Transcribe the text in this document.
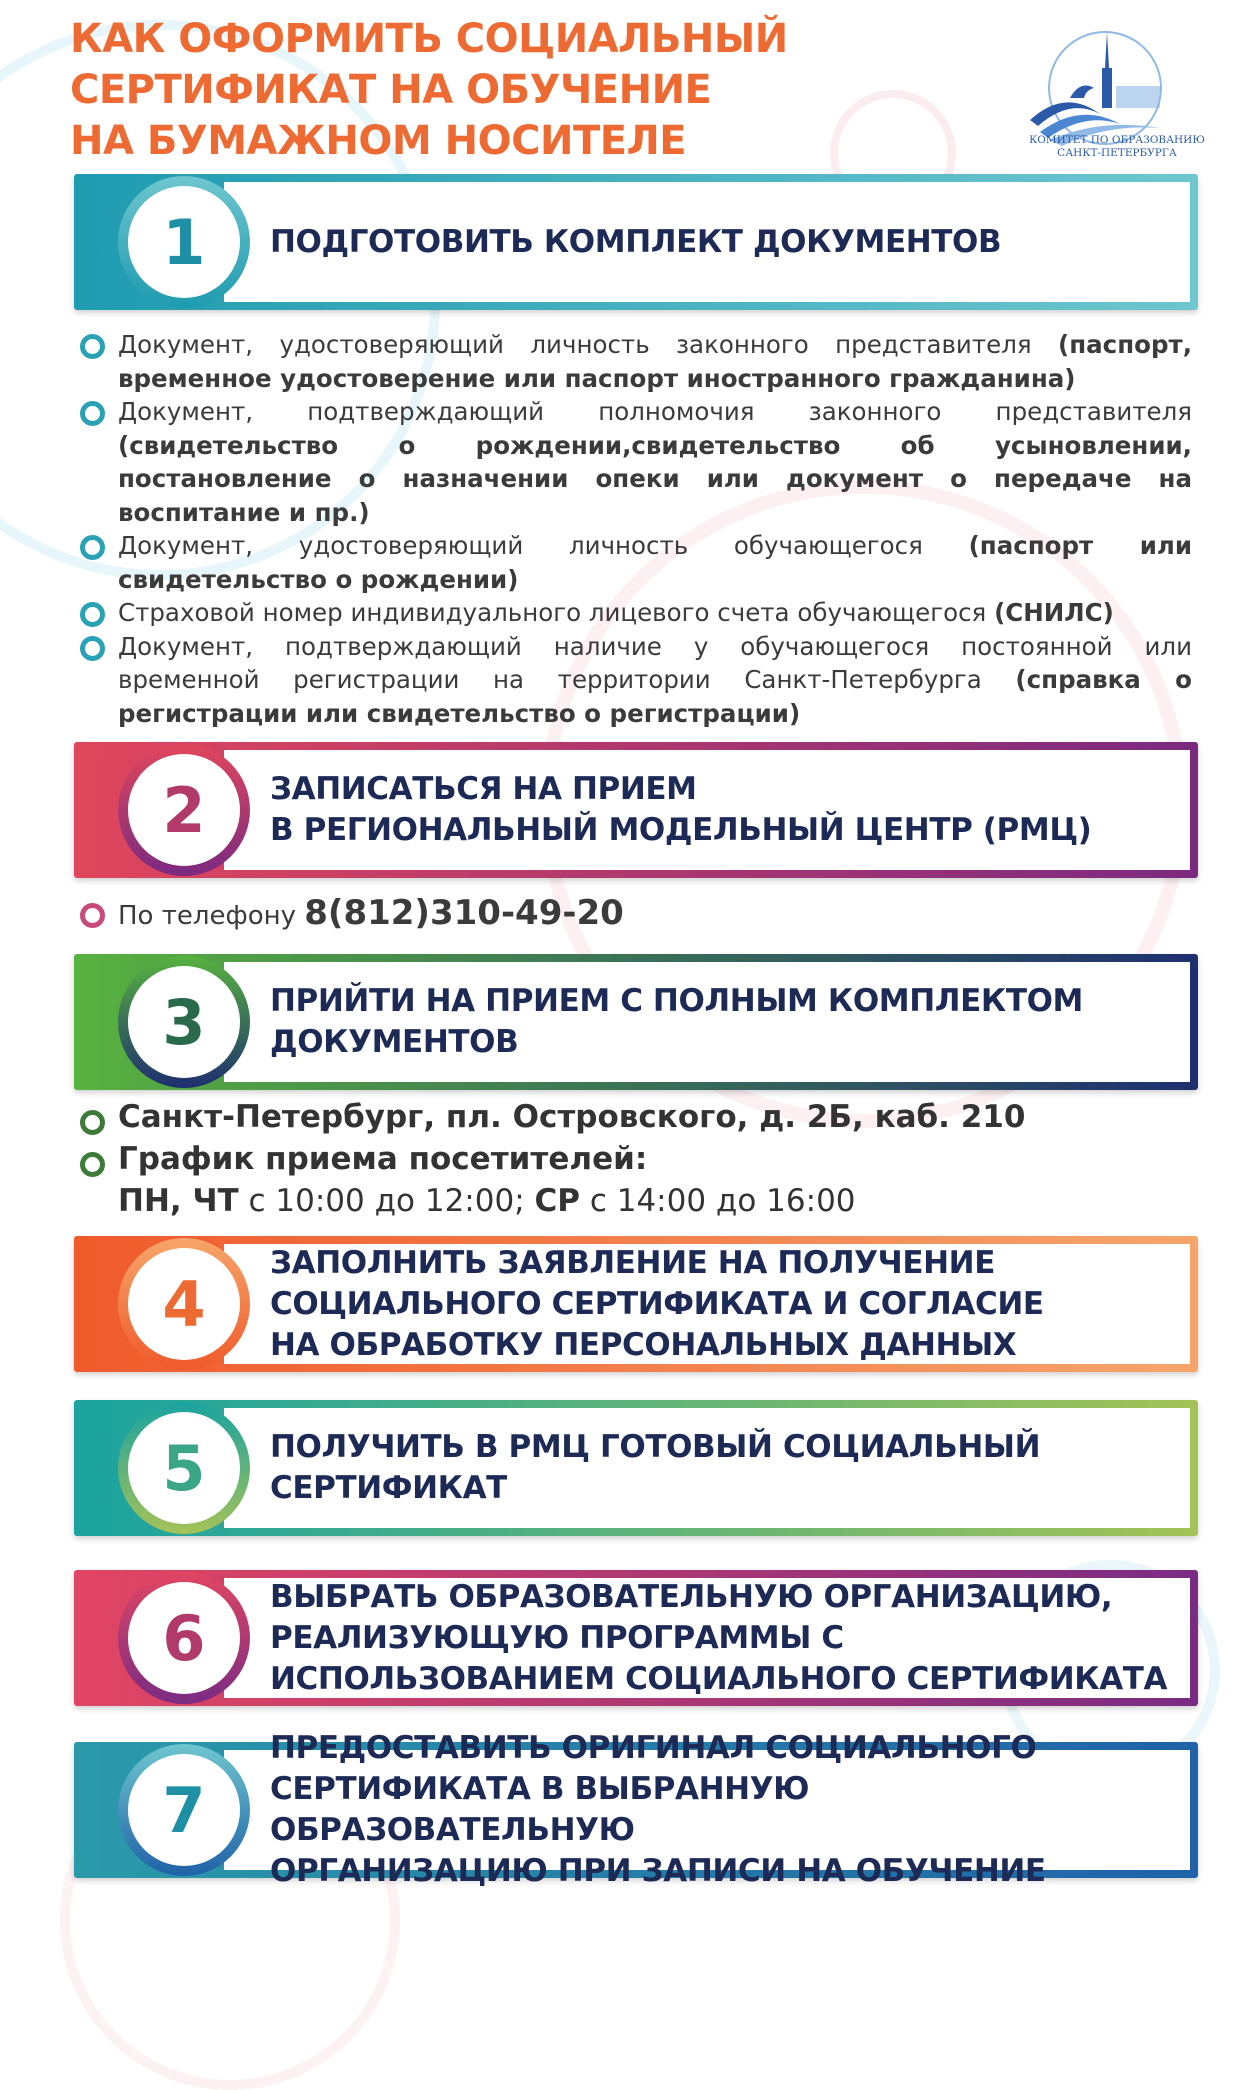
КАК ОФОРМИТЬ СОЦИАЛЬНЫЙ
СЕРТИФИКАТ НА ОБУЧЕНИЕ
НА БУМАЖНОМ НОСИТЕЛЕ	КОМИТЕТ ПО ОБРАЗОВАНИЮ
САНКТ-ПЕТЕРБУРГА
1	ПОДГОТОВИТЬ КОМПЛЕКТ ДОКУМЕНТОВ
Документ, удостоверяющий личность законного представителя (паспорт, временное удостоверение или паспорт иностранного гражданина)
Документ, подтверждающий полномочия законного представителя (свидетельство о рождении,свидетельство об усыновлении, постановление о назначении опеки или документ о передаче на воспитание и пр.)
Документ, удостоверяющий личность обучающегося (паспорт или свидетельство о рождении)
Страховой номер индивидуального лицевого счета обучающегося (СНИЛС)
Документ, подтверждающий наличие у обучающегося постоянной или временной регистрации на территории Санкт-Петербурга (справка о регистрации или свидетельство о регистрации)
2	ЗАПИСАТЬСЯ НА ПРИЕМ
В РЕГИОНАЛЬНЫЙ МОДЕЛЬНЫЙ ЦЕНТР (РМЦ)
По телефону 8(812)310-49-20
3	ПРИЙТИ НА ПРИЕМ С ПОЛНЫМ КОМПЛЕКТОМ
ДОКУМЕНТОВ
Санкт-Петербург, пл. Островского, д. 2Б, каб. 210
График приема посетителей:
ПН, ЧТ с 10:00 до 12:00; СР с 14:00 до 16:00
4
ЗАПОЛНИТЬ ЗАЯВЛЕНИЕ НА ПОЛУЧЕНИЕ
СОЦИАЛЬНОГО СЕРТИФИКАТА И СОГЛАСИЕ
НА ОБРАБОТКУ ПЕРСОНАЛЬНЫХ ДАННЫХ
5	ПОЛУЧИТЬ В РМЦ ГОТОВЫЙ СОЦИАЛЬНЫЙ
СЕРТИФИКАТ
6
ВЫБРАТЬ ОБРАЗОВАТЕЛЬНУЮ ОРГАНИЗАЦИЮ,
РЕАЛИЗУЮЩУЮ ПРОГРАММЫ С
ИСПОЛЬЗОВАНИЕМ СОЦИАЛЬНОГО СЕРТИФИКАТА
7
ПРЕДОСТАВИТЬ ОРИГИНАЛ СОЦИАЛЬНОГО
СЕРТИФИКАТА В ВЫБРАННУЮ ОБРАЗОВАТЕЛЬНУЮ
ОРГАНИЗАЦИЮ ПРИ ЗАПИСИ НА ОБУЧЕНИЕ
